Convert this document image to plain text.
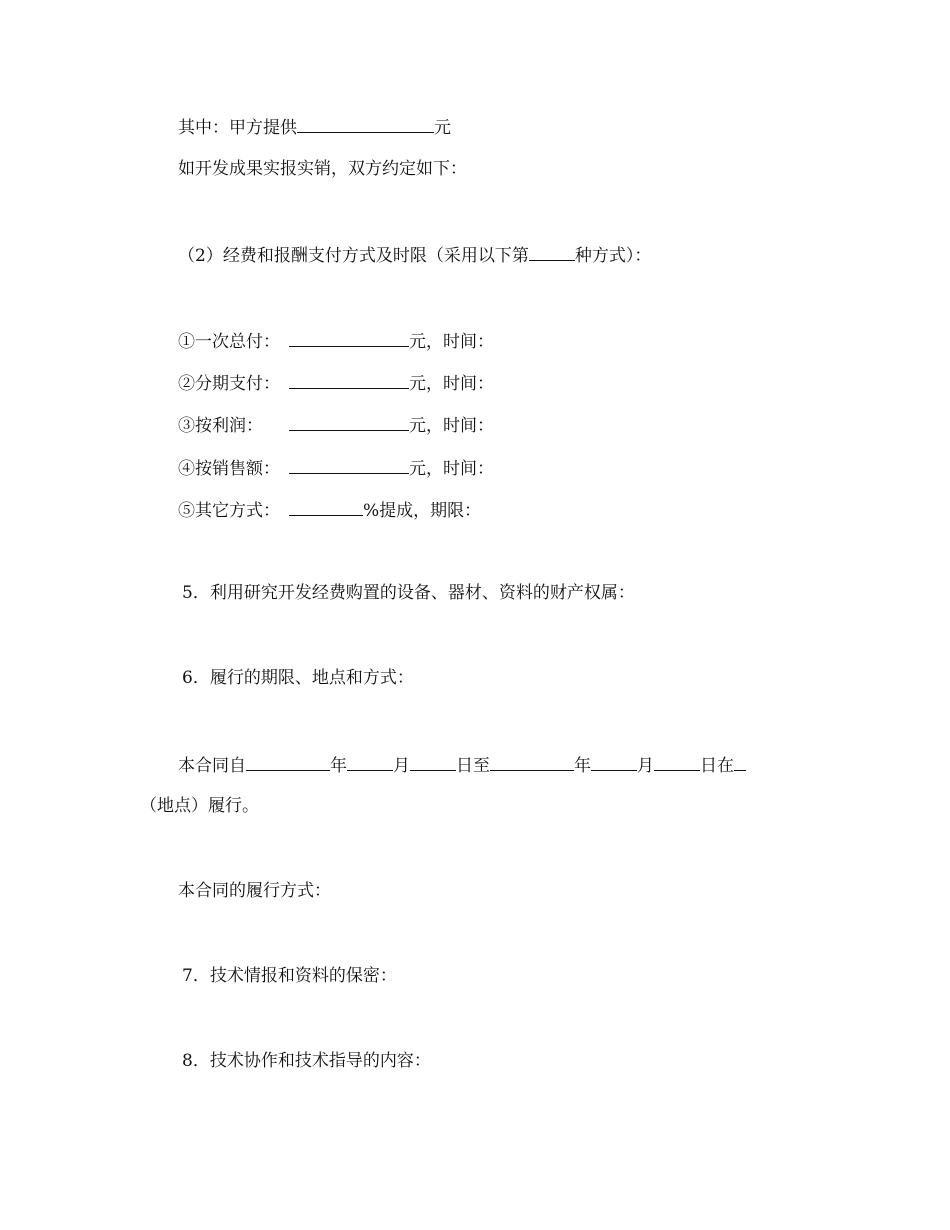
其中：甲方提供	元
如开发成果实报实销，双方约定如下：
（2）经费和报酬支付方式及时限（采用以下第	种方式）：
①一次总付：	元，时间：
②分期支付：	元，时间：
③按利润：	元，时间：
④按销售额：	元，时间：
⑤其它方式：	%提成，期限：
5．利用研究开发经费购置的设备、器材、资料的财产权属：
6．履行的期限、地点和方式：
本合同自	年	月	日至	年	月	日在
（地点）履行。
本合同的履行方式：
7．技术情报和资料的保密：
8．技术协作和技术指导的内容：
